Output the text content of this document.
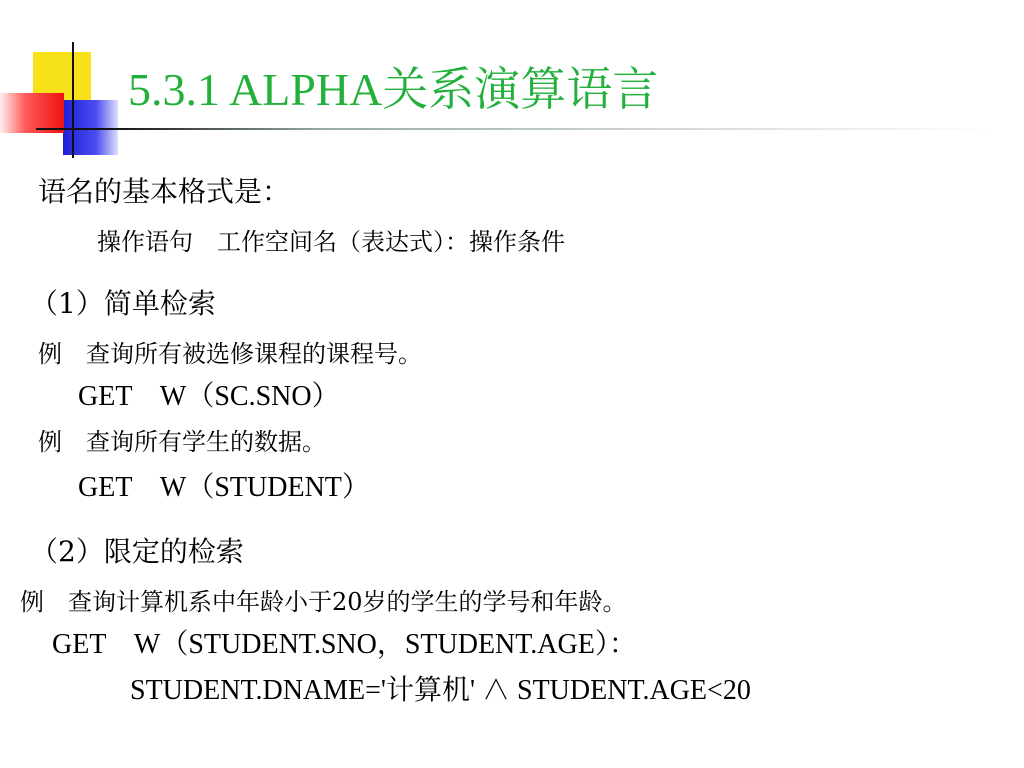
5.3.1 ALPHA关系演算语言
语名的基本格式是：
操作语句　工作空间名（表达式）：操作条件
（1）简单检索
例　查询所有被选修课程的课程号。
GET　W（SC.SNO）
例　查询所有学生的数据。
GET　W（STUDENT）
（2）限定的检索
例　查询计算机系中年龄小于20岁的学生的学号和年龄。
GET　W（STUDENT.SNO，STUDENT.AGE）：
STUDENT.DNAME='计算机' ∧ STUDENT.AGE<20
